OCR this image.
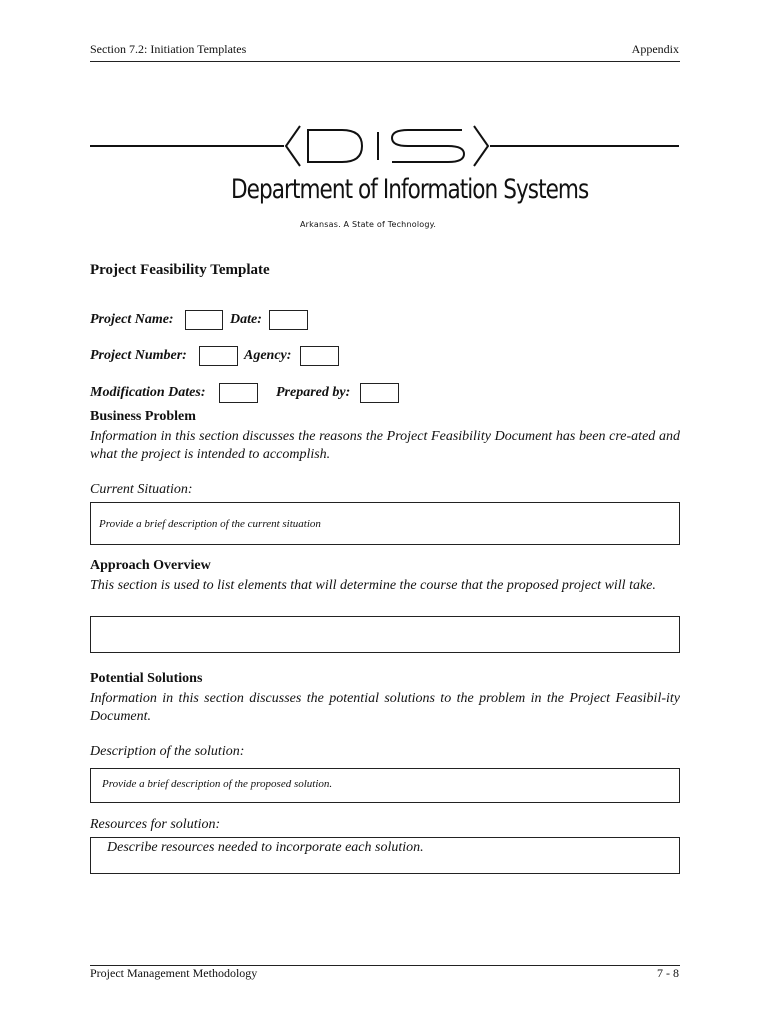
Section 7.2: Initiation Templates	Appendix
Department of Information Systems
Arkansas. A State of Technology.
Project Feasibility Template
Project Name:	Date:
Project Number:	Agency:
Modification Dates:	Prepared by:
Business Problem
Information in this section discusses the reasons the Project Feasibility Document has been cre-ated and what the project is intended to accomplish.
Current Situation:
Provide a brief description of the current situation
Approach Overview
This section is used to list elements that will determine the course that the proposed project will take.
Potential Solutions
Information in this section discusses the potential solutions to the problem in the Project Feasibil-ity Document.
Description of the solution:
Provide a brief description of the proposed solution.
Resources for solution:
Describe resources needed to incorporate each solution.
Project Management Methodology	7 - 8
